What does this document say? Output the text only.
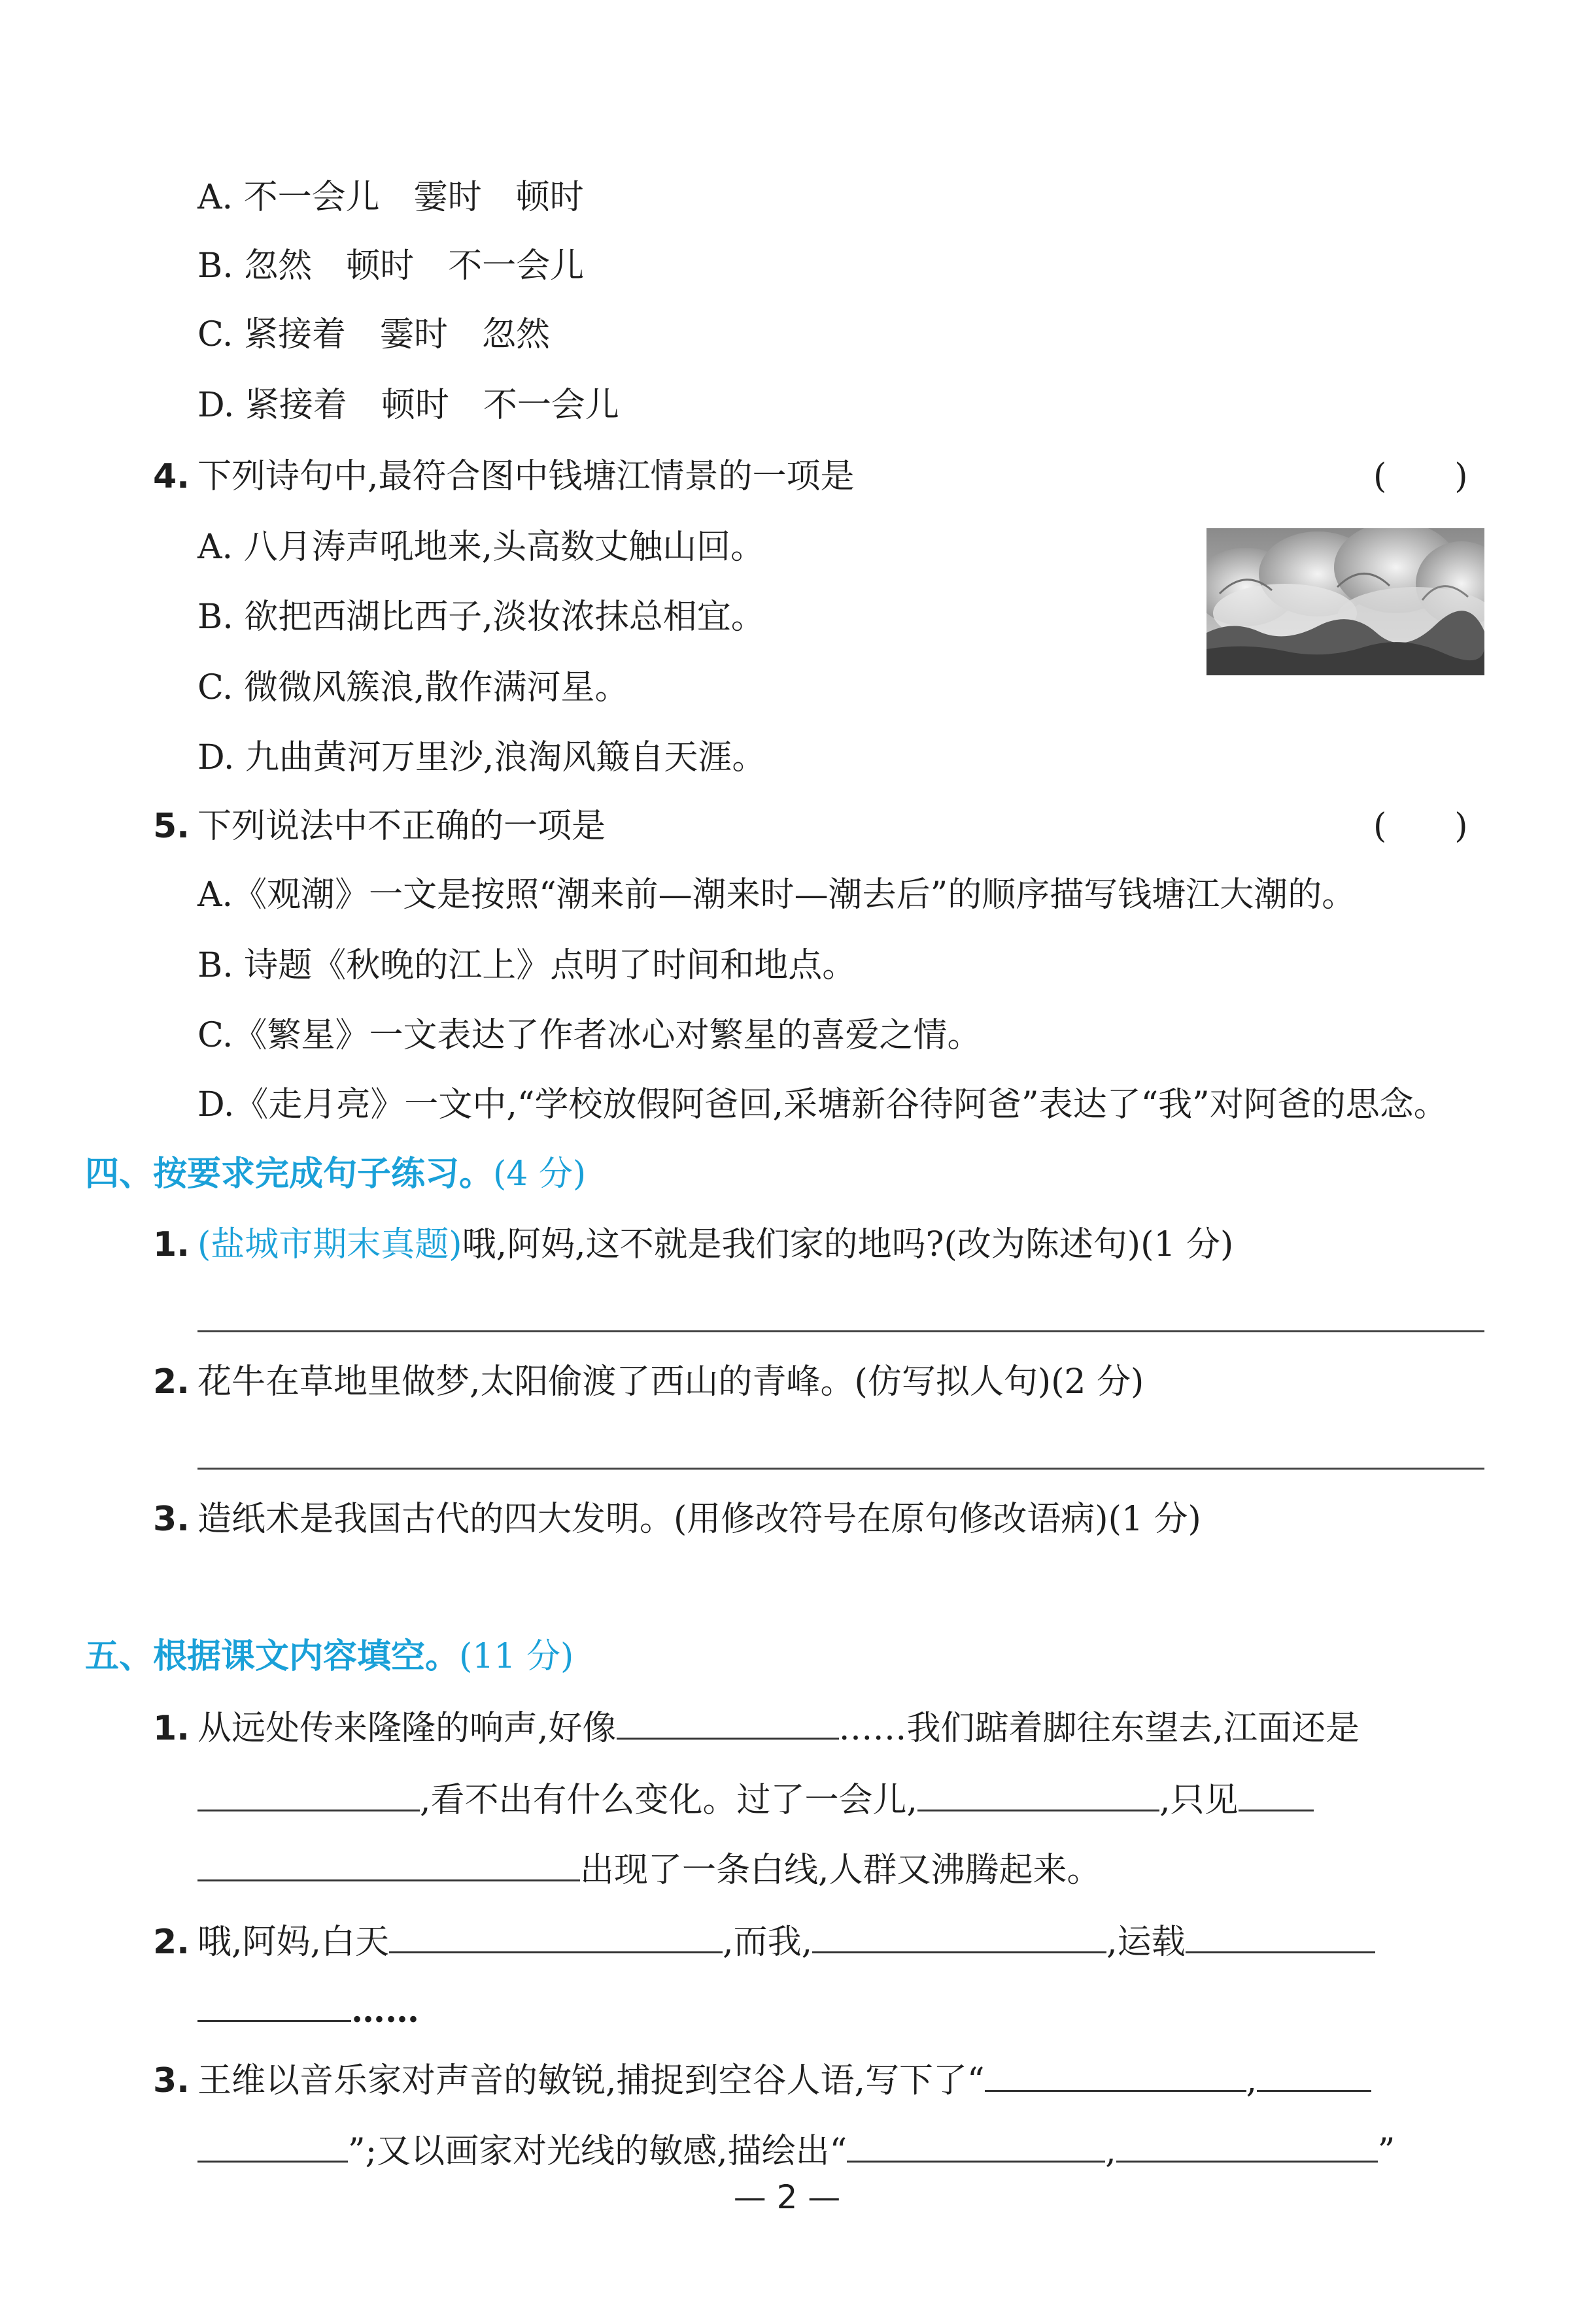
A. 不一会儿　霎时　顿时
B. 忽然　顿时　不一会儿
C. 紧接着　霎时　忽然
D. 紧接着　顿时　不一会儿
4. 下列诗句中,最符合图中钱塘江情景的一项是	(　　)
A. 八月涛声吼地来,头高数丈触山回。
B. 欲把西湖比西子,淡妆浓抹总相宜。
C. 微微风簇浪,散作满河星。
D. 九曲黄河万里沙,浪淘风簸自天涯。
5. 下列说法中不正确的一项是	(　　)
A.《观潮》一文是按照“潮来前—潮来时—潮去后”的顺序描写钱塘江大潮的。
B. 诗题《秋晚的江上》点明了时间和地点。
C.《繁星》一文表达了作者冰心对繁星的喜爱之情。
D.《走月亮》一文中,“学校放假阿爸回,采塘新谷待阿爸”表达了“我”对阿爸的思念。
四、按要求完成句子练习。(4 分)
1. (盐城市期末真题)哦,阿妈,这不就是我们家的地吗?(改为陈述句)(1 分)
2. 花牛在草地里做梦,太阳偷渡了西山的青峰。(仿写拟人句)(2 分)
3. 造纸术是我国古代的四大发明。(用修改符号在原句修改语病)(1 分)
五、根据课文内容填空。(11 分)
1. 从远处传来隆隆的响声,好像	……我们踮着脚往东望去,江面还是
,看不出有什么变化。过了一会儿,	,只见
出现了一条白线,人群又沸腾起来。
2. 哦,阿妈,白天	,而我,	,运载
……
3. 王维以音乐家对声音的敏锐,捕捉到空谷人语,写下了“	,
”;又以画家对光线的敏感,描绘出“	,	”
— 2 —
